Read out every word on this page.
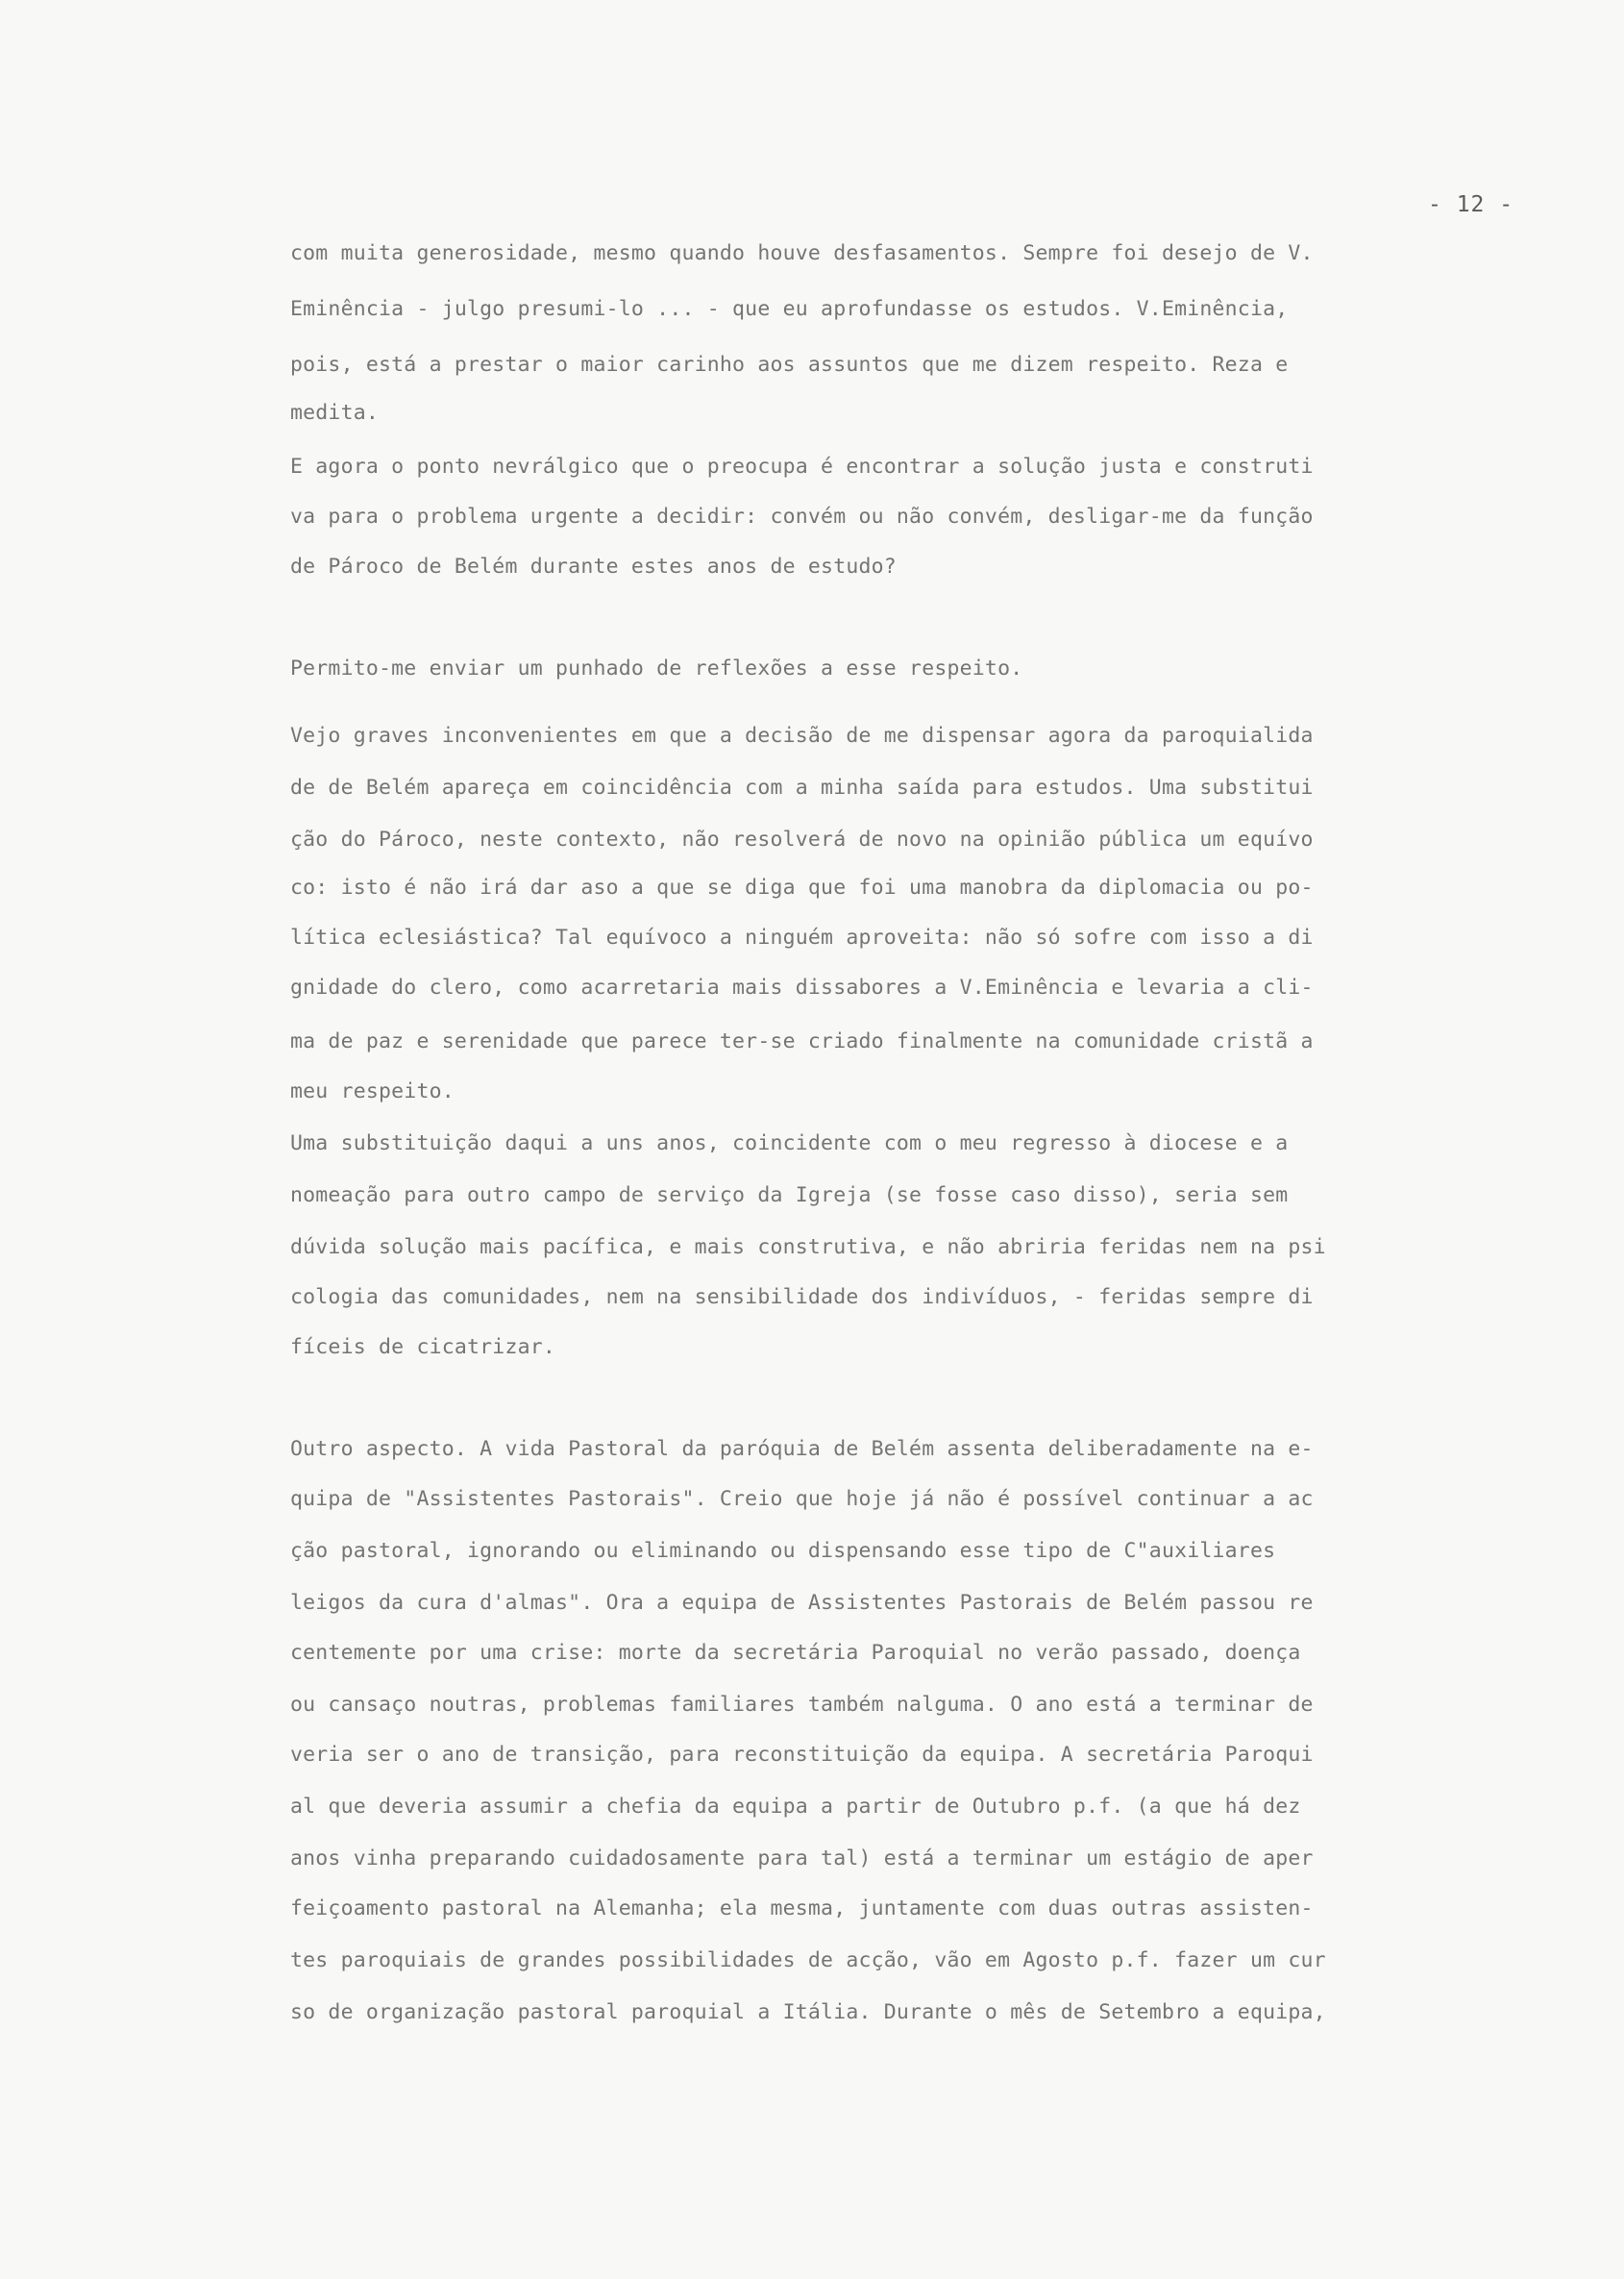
- 12 -
com muita generosidade, mesmo quando houve desfasamentos. Sempre foi desejo de V.
Eminência - julgo presumi-lo ... - que eu aprofundasse os estudos. V.Eminência,
pois, está a prestar o maior carinho aos assuntos que me dizem respeito. Reza e
medita.
E agora o ponto nevrálgico que o preocupa é encontrar a solução justa e construti
va para o problema urgente a decidir: convém ou não convém, desligar-me da função
de Pároco de Belém durante estes anos de estudo?
Permito-me enviar um punhado de reflexões a esse respeito.
Vejo graves inconvenientes em que a decisão de me dispensar agora da paroquialida
de de Belém apareça em coincidência com a minha saída para estudos. Uma substitui
ção do Pároco, neste contexto, não resolverá de novo na opinião pública um equívo
co: isto é não irá dar aso a que se diga que foi uma manobra da diplomacia ou po-
lítica eclesiástica? Tal equívoco a ninguém aproveita: não só sofre com isso a di
gnidade do clero, como acarretaria mais dissabores a V.Eminência e levaria a cli-
ma de paz e serenidade que parece ter-se criado finalmente na comunidade cristã a
meu respeito.
Uma substituição daqui a uns anos, coincidente com o meu regresso à diocese e a
nomeação para outro campo de serviço da Igreja (se fosse caso disso), seria sem
dúvida solução mais pacífica, e mais construtiva, e não abriria feridas nem na psi
cologia das comunidades, nem na sensibilidade dos indivíduos, - feridas sempre di
fíceis de cicatrizar.
Outro aspecto. A vida Pastoral da paróquia de Belém assenta deliberadamente na e-
quipa de "Assistentes Pastorais". Creio que hoje já não é possível continuar a ac
ção pastoral, ignorando ou eliminando ou dispensando esse tipo de C"auxiliares
leigos da cura d'almas". Ora a equipa de Assistentes Pastorais de Belém passou re
centemente por uma crise: morte da secretária Paroquial no verão passado, doença
ou cansaço noutras, problemas familiares também nalguma. O ano está a terminar de
veria ser o ano de transição, para reconstituição da equipa. A secretária Paroqui
al que deveria assumir a chefia da equipa a partir de Outubro p.f. (a que há dez
anos vinha preparando cuidadosamente para tal) está a terminar um estágio de aper
feiçoamento pastoral na Alemanha; ela mesma, juntamente com duas outras assisten-
tes paroquiais de grandes possibilidades de acção, vão em Agosto p.f. fazer um cur
so de organização pastoral paroquial a Itália. Durante o mês de Setembro a equipa,
